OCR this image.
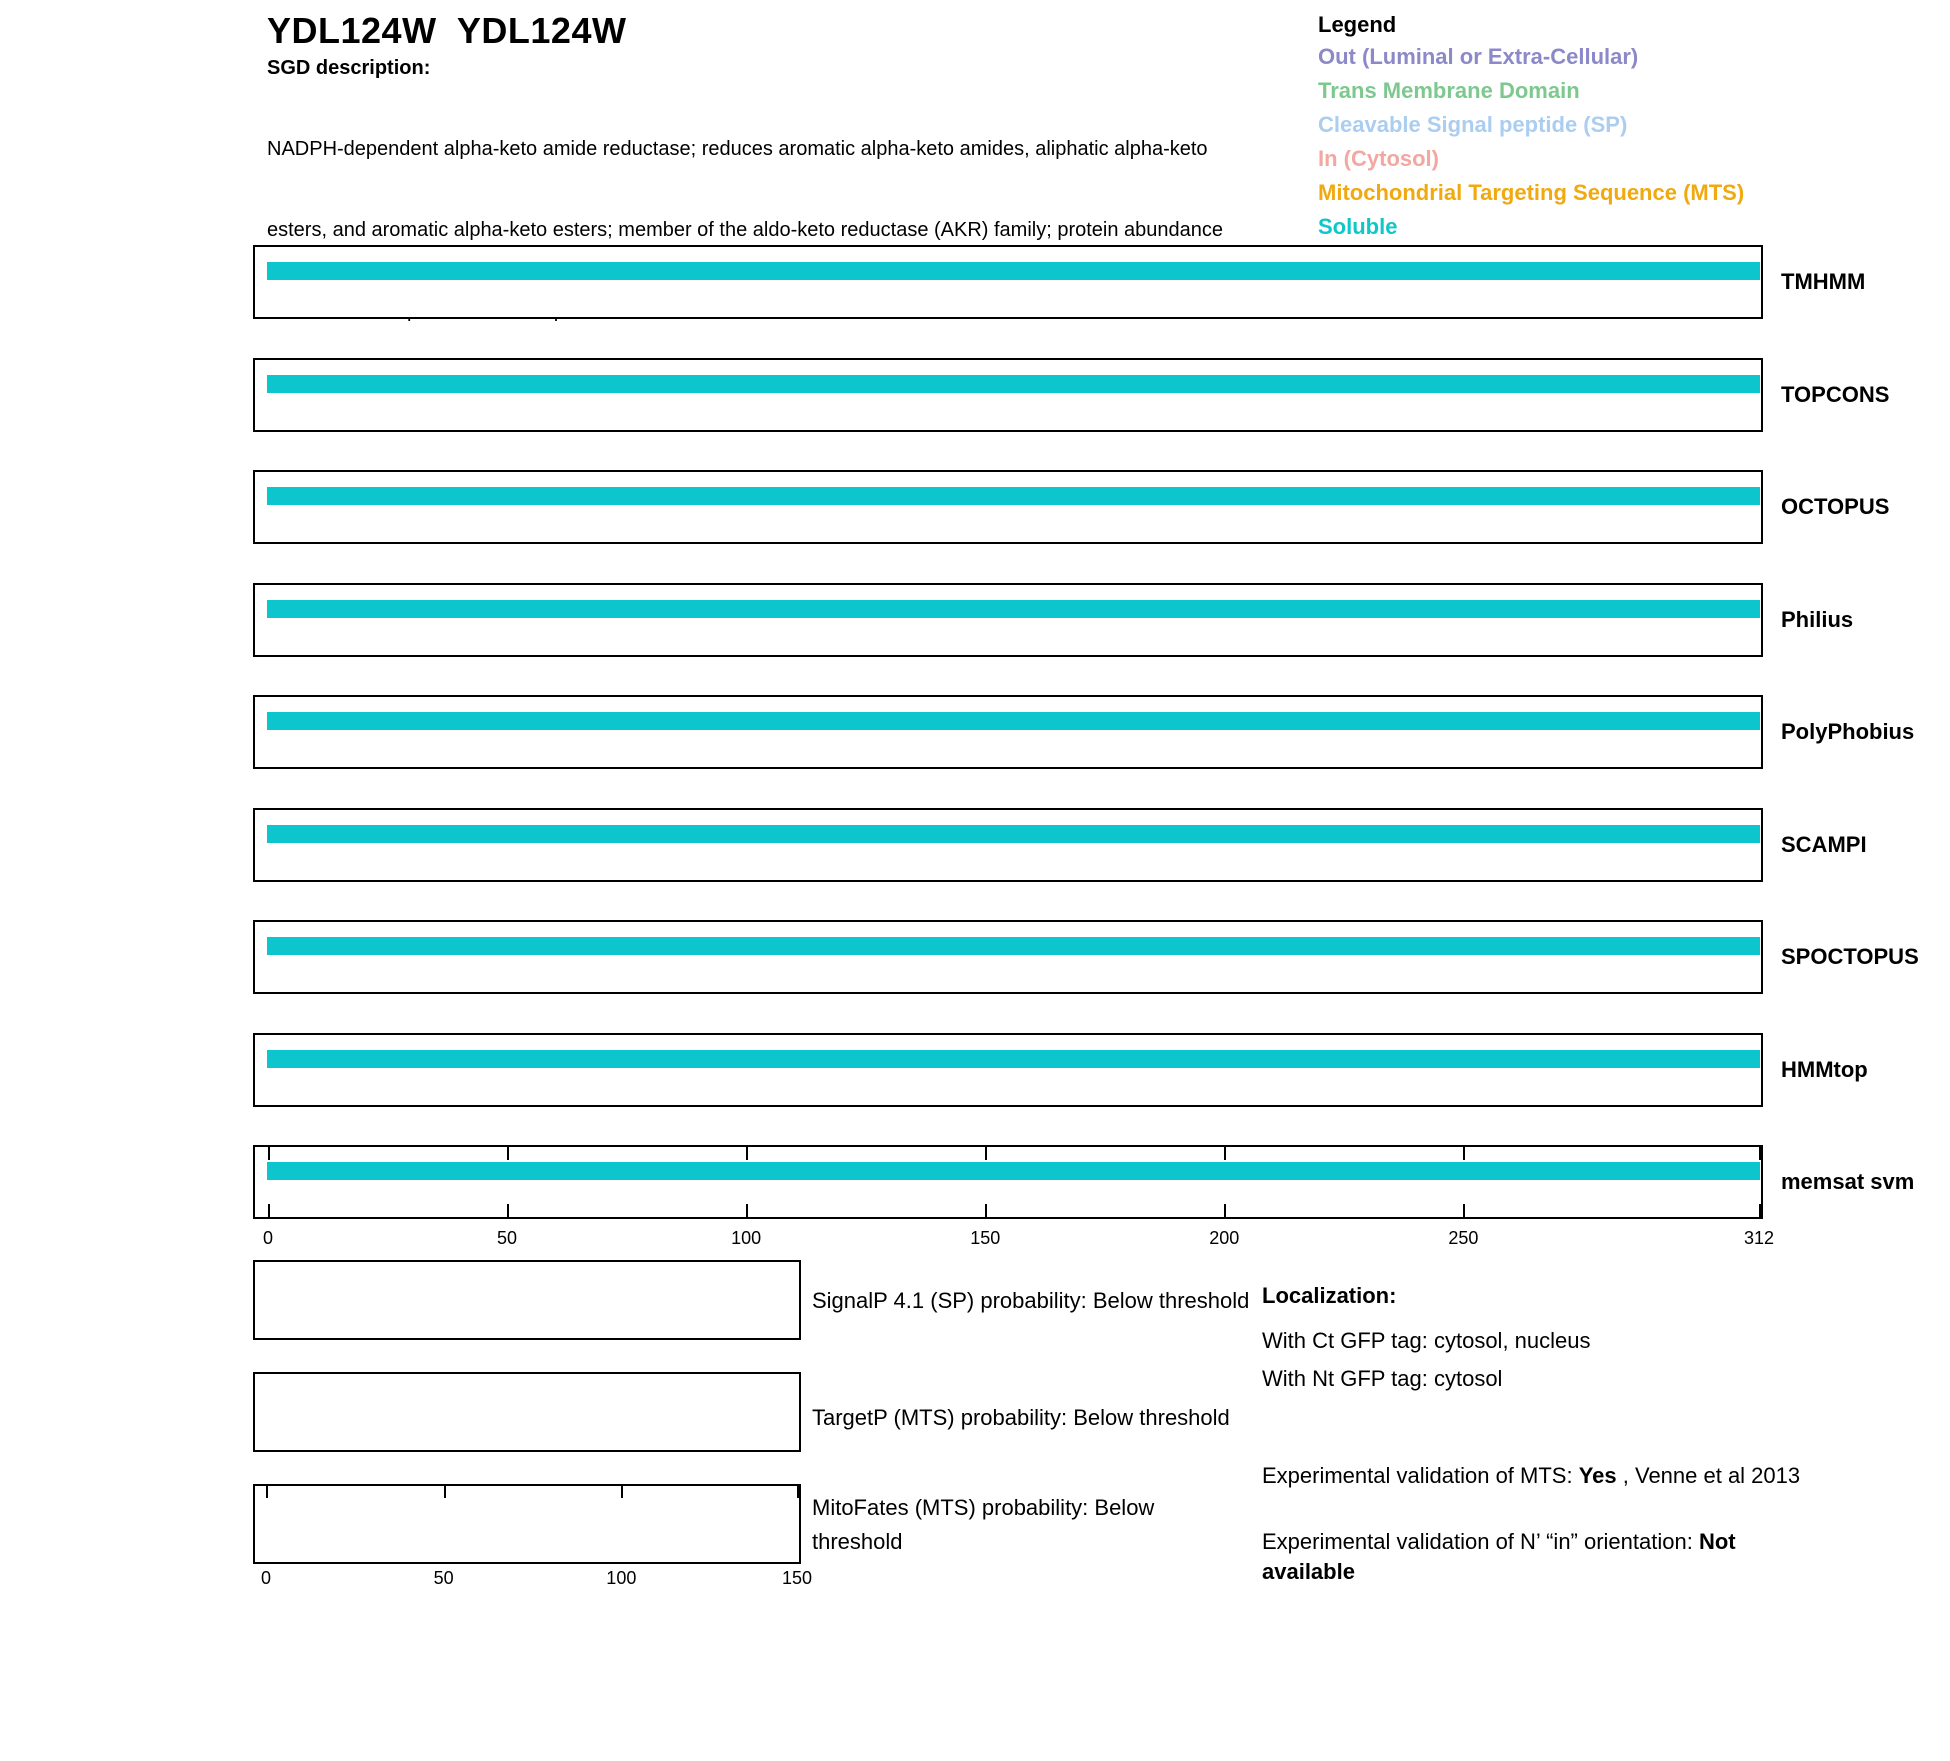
YDL124W  YDL124W
SGD description:

NADPH-dependent alpha-keto amide reductase; reduces aromatic alpha-keto amides, aliphatic alpha-keto

esters, and aromatic alpha-keto esters; member of the aldo-keto reductase (AKR) family; protein abundance

Legend
Out (Luminal or Extra-Cellular)
Trans Membrane Domain
Cleavable Signal peptide (SP)
In (Cytosol)
Mitochondrial Targeting Sequence (MTS)
Soluble
TMHMM
TOPCONS
OCTOPUS
Philius
PolyPhobius
SCAMPI
SPOCTOPUS
HMMtop
memsat svm
0	50	100	150	200	250	312
SignalP 4.1 (SP) probability: Below threshold
TargetP (MTS) probability: Below threshold
MitoFates (MTS) probability: Below
threshold
0	50	100	150
Localization:
With Ct GFP tag: cytosol, nucleus
With Nt GFP tag: cytosol
Experimental validation of MTS: Yes , Venne et al 2013
Experimental validation of N’ “in” orientation: Not
available
